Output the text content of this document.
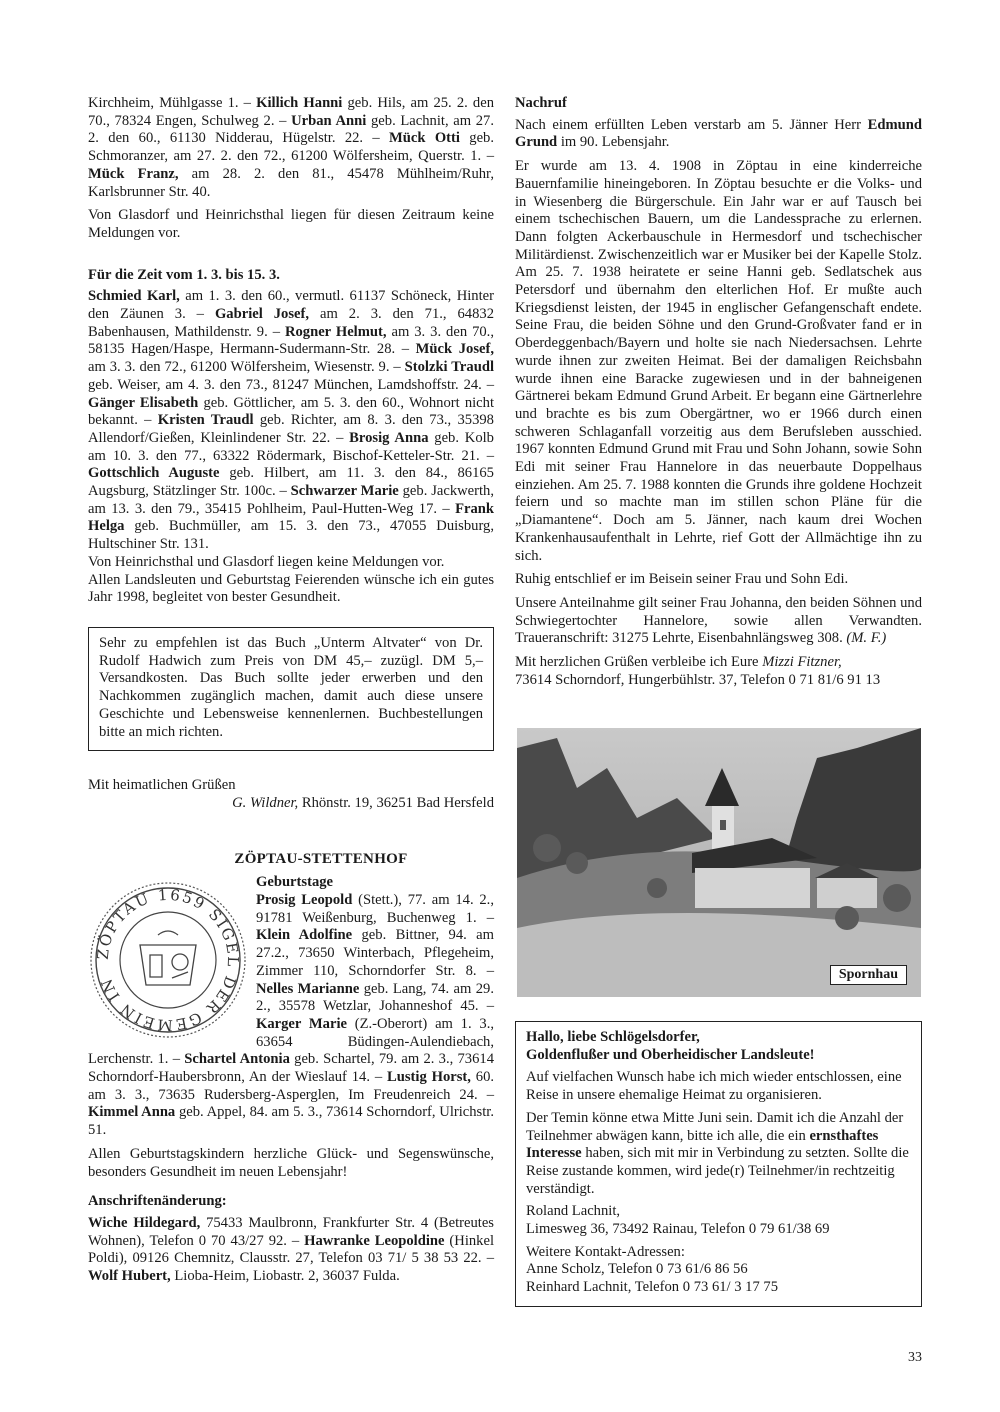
Kirchheim, Mühlgasse 1. – Killich Hanni geb. Hils, am 25. 2. den 70., 78324 Engen, Schulweg 2. – Urban Anni geb. Lachnit, am 27. 2. den 60., 61130 Nidderau, Hügelstr. 22. – Mück Otti geb. Schmoranzer, am 27. 2. den 72., 61200 Wölfersheim, Querstr. 1. – Mück Franz, am 28. 2. den 81., 45478 Mühlheim/Ruhr, Karlsbrunner Str. 40.

Von Glasdorf und Heinrichsthal liegen für diesen Zeitraum keine Meldungen vor.

Für die Zeit vom 1. 3. bis 15. 3.

Schmied Karl, am 1. 3. den 60., vermutl. 61137 Schöneck, Hinter den Zäunen 3. – Gabriel Josef, am 2. 3. den 71., 64832 Babenhausen, Mathildenstr. 9. – Rogner Helmut, am 3. 3. den 70., 58135 Hagen/Haspe, Hermann-Sudermann-Str. 28. – Mück Josef, am 3. 3. den 72., 61200 Wölfersheim, Wiesenstr. 9. – Stolzki Traudl geb. Weiser, am 4. 3. den 73., 81247 München, Lamdshoffstr. 24. – Gänger Elisabeth geb. Göttlicher, am 5. 3. den 60., Wohnort nicht bekannt. – Kristen Traudl geb. Richter, am 8. 3. den 73., 35398 Allendorf/Gießen, Kleinlindener Str. 22. – Brosig Anna geb. Kolb am 10. 3. den 77., 63322 Rödermark, Bischof-Ketteler-Str. 21. – Gottschlich Auguste geb. Hilbert, am 11. 3. den 84., 86165 Augsburg, Stätzlinger Str. 100c. – Schwarzer Marie geb. Jackwerth, am 13. 3. den 79., 35415 Pohlheim, Paul-Hutten-Weg 17. – Frank Helga geb. Buchmüller, am 15. 3. den 73., 47055 Duisburg, Hultschiner Str. 131.

Von Heinrichsthal und Glasdorf liegen keine Meldungen vor.

Allen Landsleuten und Geburtstag Feierenden wünsche ich ein gutes Jahr 1998, begleitet von bester Gesundheit.

Sehr zu empfehlen ist das Buch „Unterm Altvater“ von Dr. Rudolf Hadwich zum Preis von DM 45,– zuzügl. DM 5,– Versandkosten. Das Buch sollte jeder erwerben und den Nachkommen zugänglich machen, damit auch diese unsere Geschichte und Lebensweise kennenlernen. Buchbestellungen bitte an mich richten.

Mit heimatlichen Grüßen

G. Wildner, Rhönstr. 19, 36251 Bad Hersfeld

ZÖPTAU-STETTENHOF
ZÖPTAU 1659 SIGEL DER GEMEIN IN

Geburtstage

Prosig Leopold (Stett.), 77. am 14. 2., 91781 Weißenburg, Buchenweg 1. – Klein Adolfine geb. Bittner, 94. am 27.2., 73650 Winterbach, Pflegeheim, Zimmer 110, Schorndorfer Str. 8. – Nelles Marianne geb. Lang, 74. am 29. 2., 35578 Wetzlar, Johanneshof 45. – Karger Marie (Z.-Oberort) am 1. 3., 63654 Büdingen-Aulendiebach, Lerchenstr. 1. – Schartel Antonia geb. Schartel, 79. am 2. 3., 73614 Schorndorf-Haubersbronn, An der Wieslauf 14. – Lustig Horst, 60. am 3. 3., 73635 Rudersberg-Asperglen, Im Freudenreich 24. – Kimmel Anna geb. Appel, 84. am 5. 3., 73614 Schorndorf, Ulrichstr. 51.

Allen Geburtstagskindern herzliche Glück- und Segenswünsche, besonders Gesundheit im neuen Lebensjahr!

Anschriftenänderung:

Wiche Hildegard, 75433 Maulbronn, Frankfurter Str. 4 (Betreutes Wohnen), Telefon 0 70 43/27 92. – Hawranke Leopoldine (Hinkel Poldi), 09126 Chemnitz, Clausstr. 27, Telefon 03 71/ 5 38 53 22. – Wolf Hubert, Lioba-Heim, Liobastr. 2, 36037 Fulda.

Nachruf

Nach einem erfüllten Leben verstarb am 5. Jänner Herr Edmund Grund im 90. Lebensjahr.

Er wurde am 13. 4. 1908 in Zöptau in eine kinderreiche Bauernfamilie hineingeboren. In Zöptau besuchte er die Volks- und in Wiesenberg die Bürgerschule. Ein Jahr war er auf Tausch bei einem tschechischen Bauern, um die Landessprache zu erlernen. Dann folgten Ackerbauschule in Hermesdorf und tschechischer Militärdienst. Zwischenzeitlich war er Musiker bei der Kapelle Stolz. Am 25. 7. 1938 heiratete er seine Hanni geb. Sedlatschek aus Petersdorf und übernahm den elterlichen Hof. Er mußte auch Kriegsdienst leisten, der 1945 in englischer Gefangenschaft endete. Seine Frau, die beiden Söhne und den Grund-Großvater fand er in Oberdeggenbach/Bayern und holte sie nach Niedersachsen. Lehrte wurde ihnen zur zweiten Heimat. Bei der damaligen Reichsbahn wurde ihnen eine Baracke zugewiesen und in der bahneigenen Gärtnerei bekam Edmund Grund Arbeit. Er begann eine Gärtnerlehre und brachte es bis zum Obergärtner, wo er 1966 durch einen schweren Schlaganfall vorzeitig aus dem Berufsleben ausschied. 1967 konnten Edmund Grund mit Frau und Sohn Johann, sowie Sohn Edi mit seiner Frau Hannelore in das neuerbaute Doppelhaus einziehen. Am 25. 7. 1988 konnten die Grunds ihre goldene Hochzeit feiern und so machte man im stillen schon Pläne für die „Diamantene“. Doch am 5. Jänner, nach kaum drei Wochen Krankenhausaufenthalt in Lehrte, rief Gott der Allmächtige ihn zu sich.

Ruhig entschlief er im Beisein seiner Frau und Sohn Edi.

Unsere Anteilnahme gilt seiner Frau Johanna, den beiden Söhnen und Schwiegertochter Hannelore, sowie allen Verwandten. Traueranschrift: 31275 Lehrte, Eisenbahnlängsweg 308. (M. F.)

Mit herzlichen Grüßen verbleibe ich Eure Mizzi Fitzner,

73614 Schorndorf, Hungerbühlstr. 37, Telefon 0 71 81/6 91 13

Spornhau

Hallo, liebe Schlögelsdorfer,

Goldenflußer und Oberheidischer Landsleute!

Auf vielfachen Wunsch habe ich mich wieder entschlossen, eine Reise in unsere ehemalige Heimat zu organisieren.

Der Temin könne etwa Mitte Juni sein. Damit ich die Anzahl der Teilnehmer abwägen kann, bitte ich alle, die ein ernsthaftes Interesse haben, sich mit mir in Verbindung zu setzten. Sollte die Reise zustande kommen, wird jede(r) Teilnehmer/in rechtzeitig verständigt.

Roland Lachnit,

Limesweg 36, 73492 Rainau, Telefon 0 79 61/38 69

Weitere Kontakt-Adressen:

Anne Scholz, Telefon 0 73 61/6 86 56

Reinhard Lachnit, Telefon 0 73 61/ 3 17 75

33
